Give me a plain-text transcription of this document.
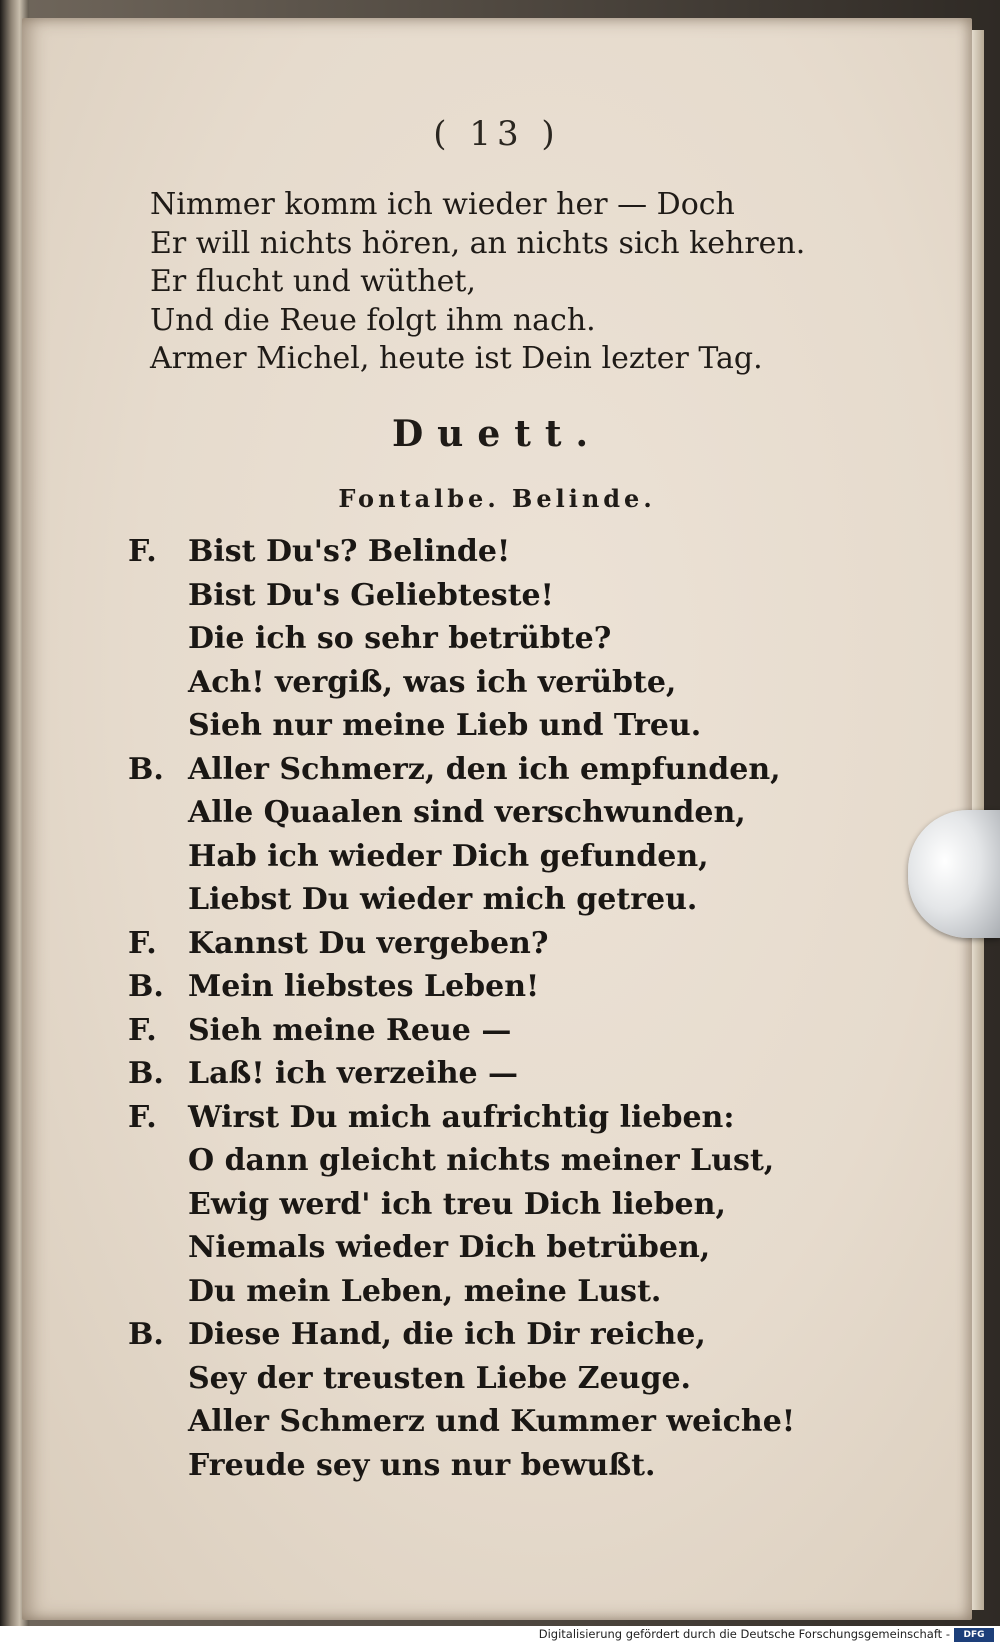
( 13 )
Nimmer komm ich wieder her — Doch
Er will nichts hören, an nichts sich kehren.
Er flucht und wüthet,
Und die Reue folgt ihm nach.
Armer Michel, heute ist Dein lezter Tag.
Duett.
Fontalbe. Belinde.
F.	Bist Du's? Belinde!
Bist Du's Geliebteste!
Die ich so sehr betrübte?
Ach! vergiß, was ich verübte,
Sieh nur meine Lieb und Treu.
B. Aller Schmerz, den ich empfunden,
Alle Quaalen sind verschwunden,
Hab ich wieder Dich gefunden,
Liebst Du wieder mich getreu.
F.	Kannst Du vergeben?
B. Mein liebstes Leben!
F.	Sieh meine Reue —
B. Laß! ich verzeihe —
F.	Wirst Du mich aufrichtig lieben:
O dann gleicht nichts meiner Lust,
Ewig werd' ich treu Dich lieben,
Niemals wieder Dich betrüben,
Du mein Leben, meine Lust.
B. Diese Hand, die ich Dir reiche,
Sey der treusten Liebe Zeuge.
Aller Schmerz und Kummer weiche!
Freude sey uns nur bewußt.
Digitalisierung gefördert durch die Deutsche Forschungsgemeinschaft -	DFG
